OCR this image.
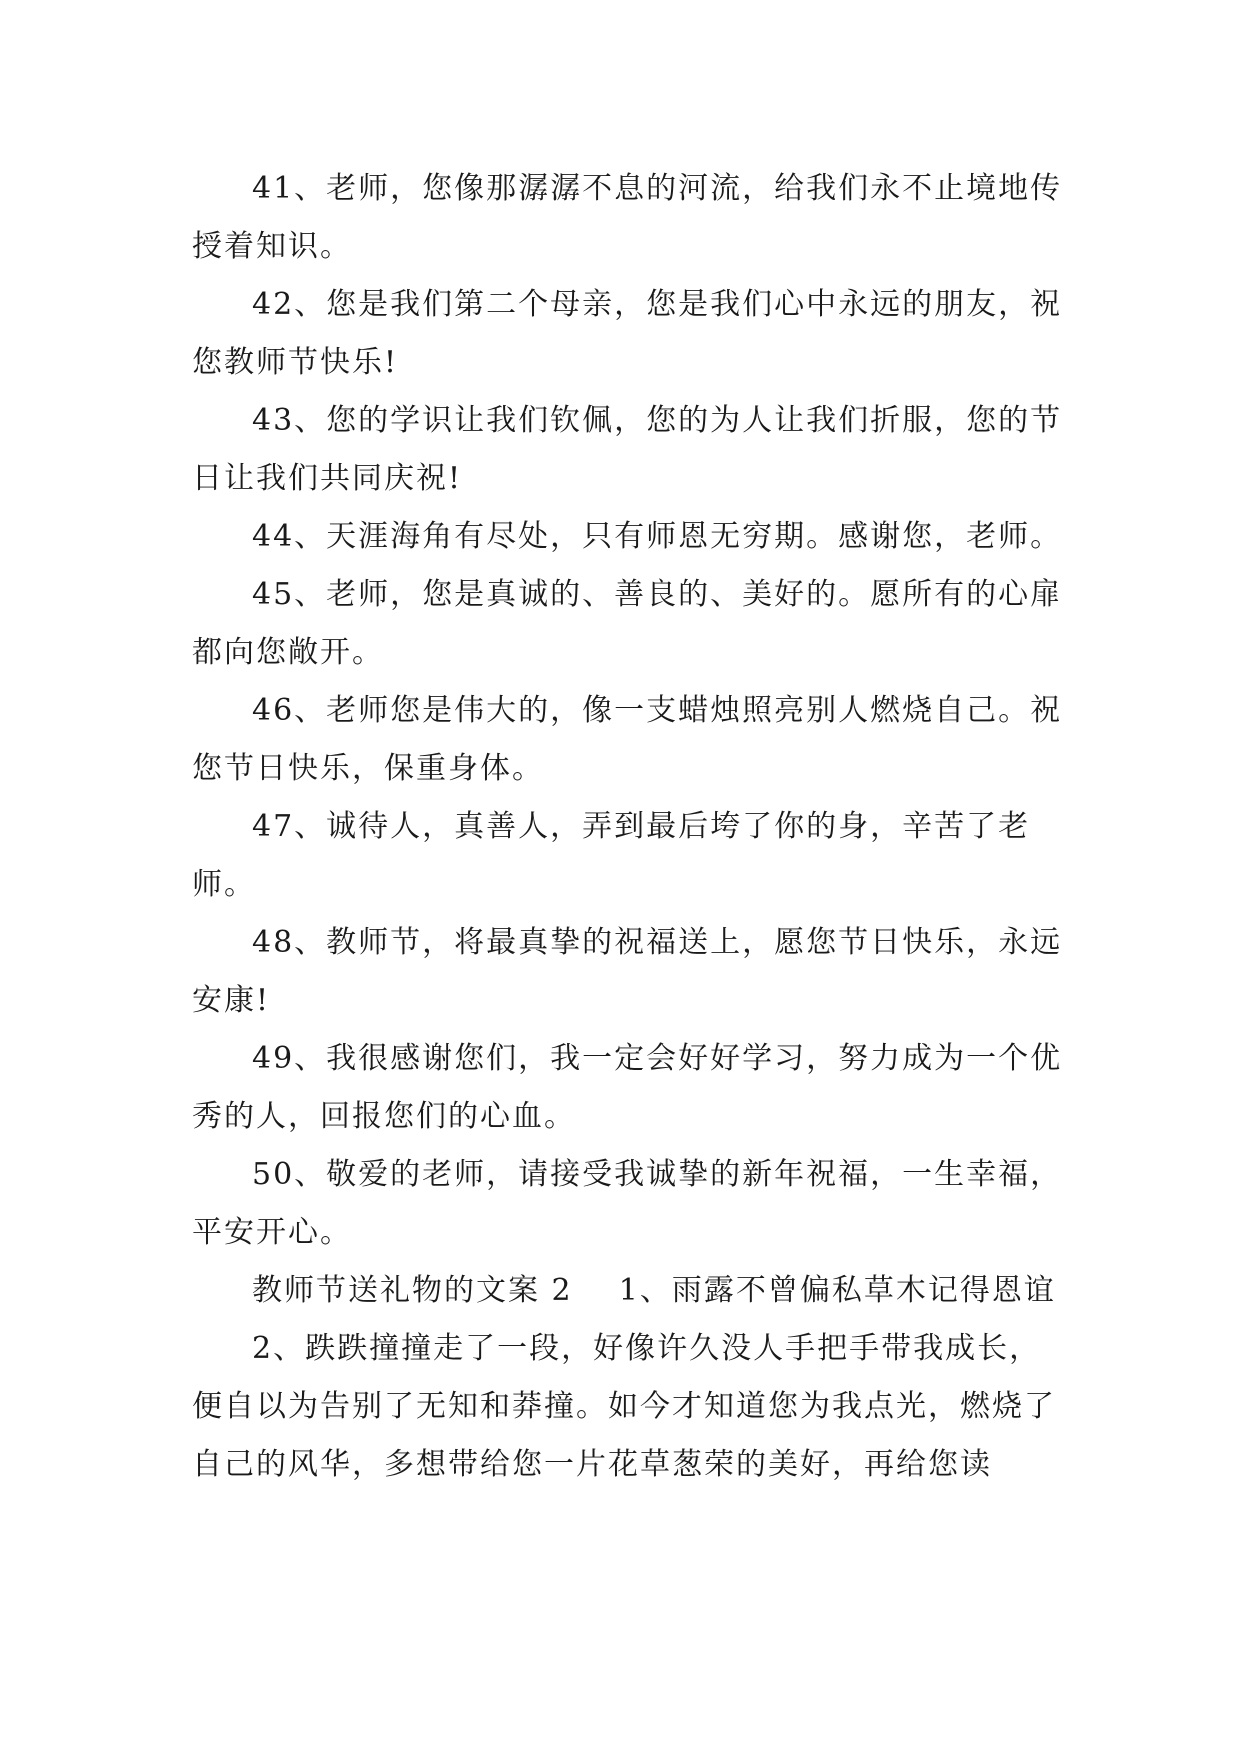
41、老师，您像那潺潺不息的河流，给我们永不止境地传授着知识。

42、您是我们第二个母亲，您是我们心中永远的朋友，祝您教师节快乐!

43、您的学识让我们钦佩，您的为人让我们折服，您的节日让我们共同庆祝!

44、天涯海角有尽处，只有师恩无穷期。感谢您，老师。

45、老师，您是真诚的、善良的、美好的。愿所有的心扉都向您敞开。

46、老师您是伟大的，像一支蜡烛照亮别人燃烧自己。祝您节日快乐，保重身体。

47、诚待人，真善人，弄到最后垮了你的身，辛苦了老师。

48、教师节，将最真挚的祝福送上，愿您节日快乐，永远安康!

49、我很感谢您们，我一定会好好学习，努力成为一个优秀的人，回报您们的心血。

50、敬爱的老师，请接受我诚挚的新年祝福，一生幸福，平安开心。

教师节送礼物的文案 2    1、雨露不曾偏私草木记得恩谊

2、跌跌撞撞走了一段，好像许久没人手把手带我成长，便自以为告别了无知和莽撞。如今才知道您为我点光，燃烧了自己的风华，多想带给您一片花草葱荣的美好，再给您读
